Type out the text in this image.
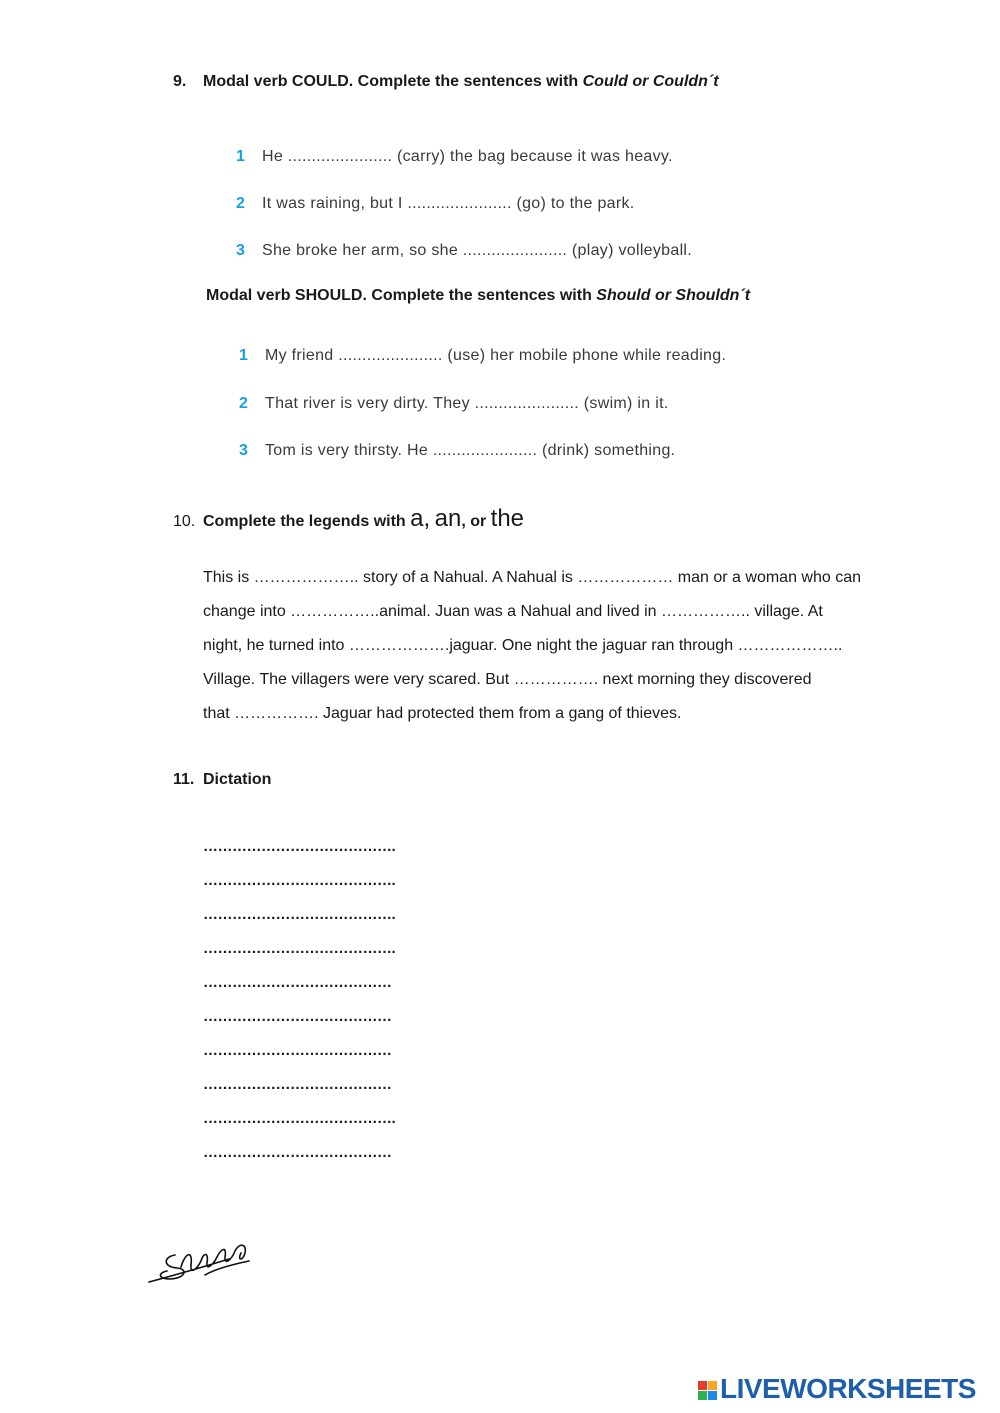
9. Modal verb COULD. Complete the sentences with Could or Couldn´t
1 He ...................... (carry) the bag because it was heavy.
2 It was raining, but I ...................... (go) to the park.
3 She broke her arm, so she ...................... (play) volleyball.
Modal verb SHOULD. Complete the sentences with Should or Shouldn´t
1 My friend ...................... (use) her mobile phone while reading.
2 That river is very dirty. They ...................... (swim) in it.
3 Tom is very thirsty. He ...................... (drink) something.
10. Complete the legends with a, an, or the
This is ……………….. story of a Nahual. A Nahual is ……………… man or a woman who can
change into ……………..animal. Juan was a Nahual and lived in …………….. village. At
night, he turned into ……………….jaguar. One night the jaguar ran through ………………..
Village. The villagers were very scared. But ……………. next morning they discovered
that ……………. Jaguar had protected them from a gang of thieves.
11. Dictation
………………………………….
………………………………….
………………………………….
………………………………….
…………………………………
…………………………………
…………………………………
…………………………………
………………………………….
…………………………………
LIVEWORKSHEETS
